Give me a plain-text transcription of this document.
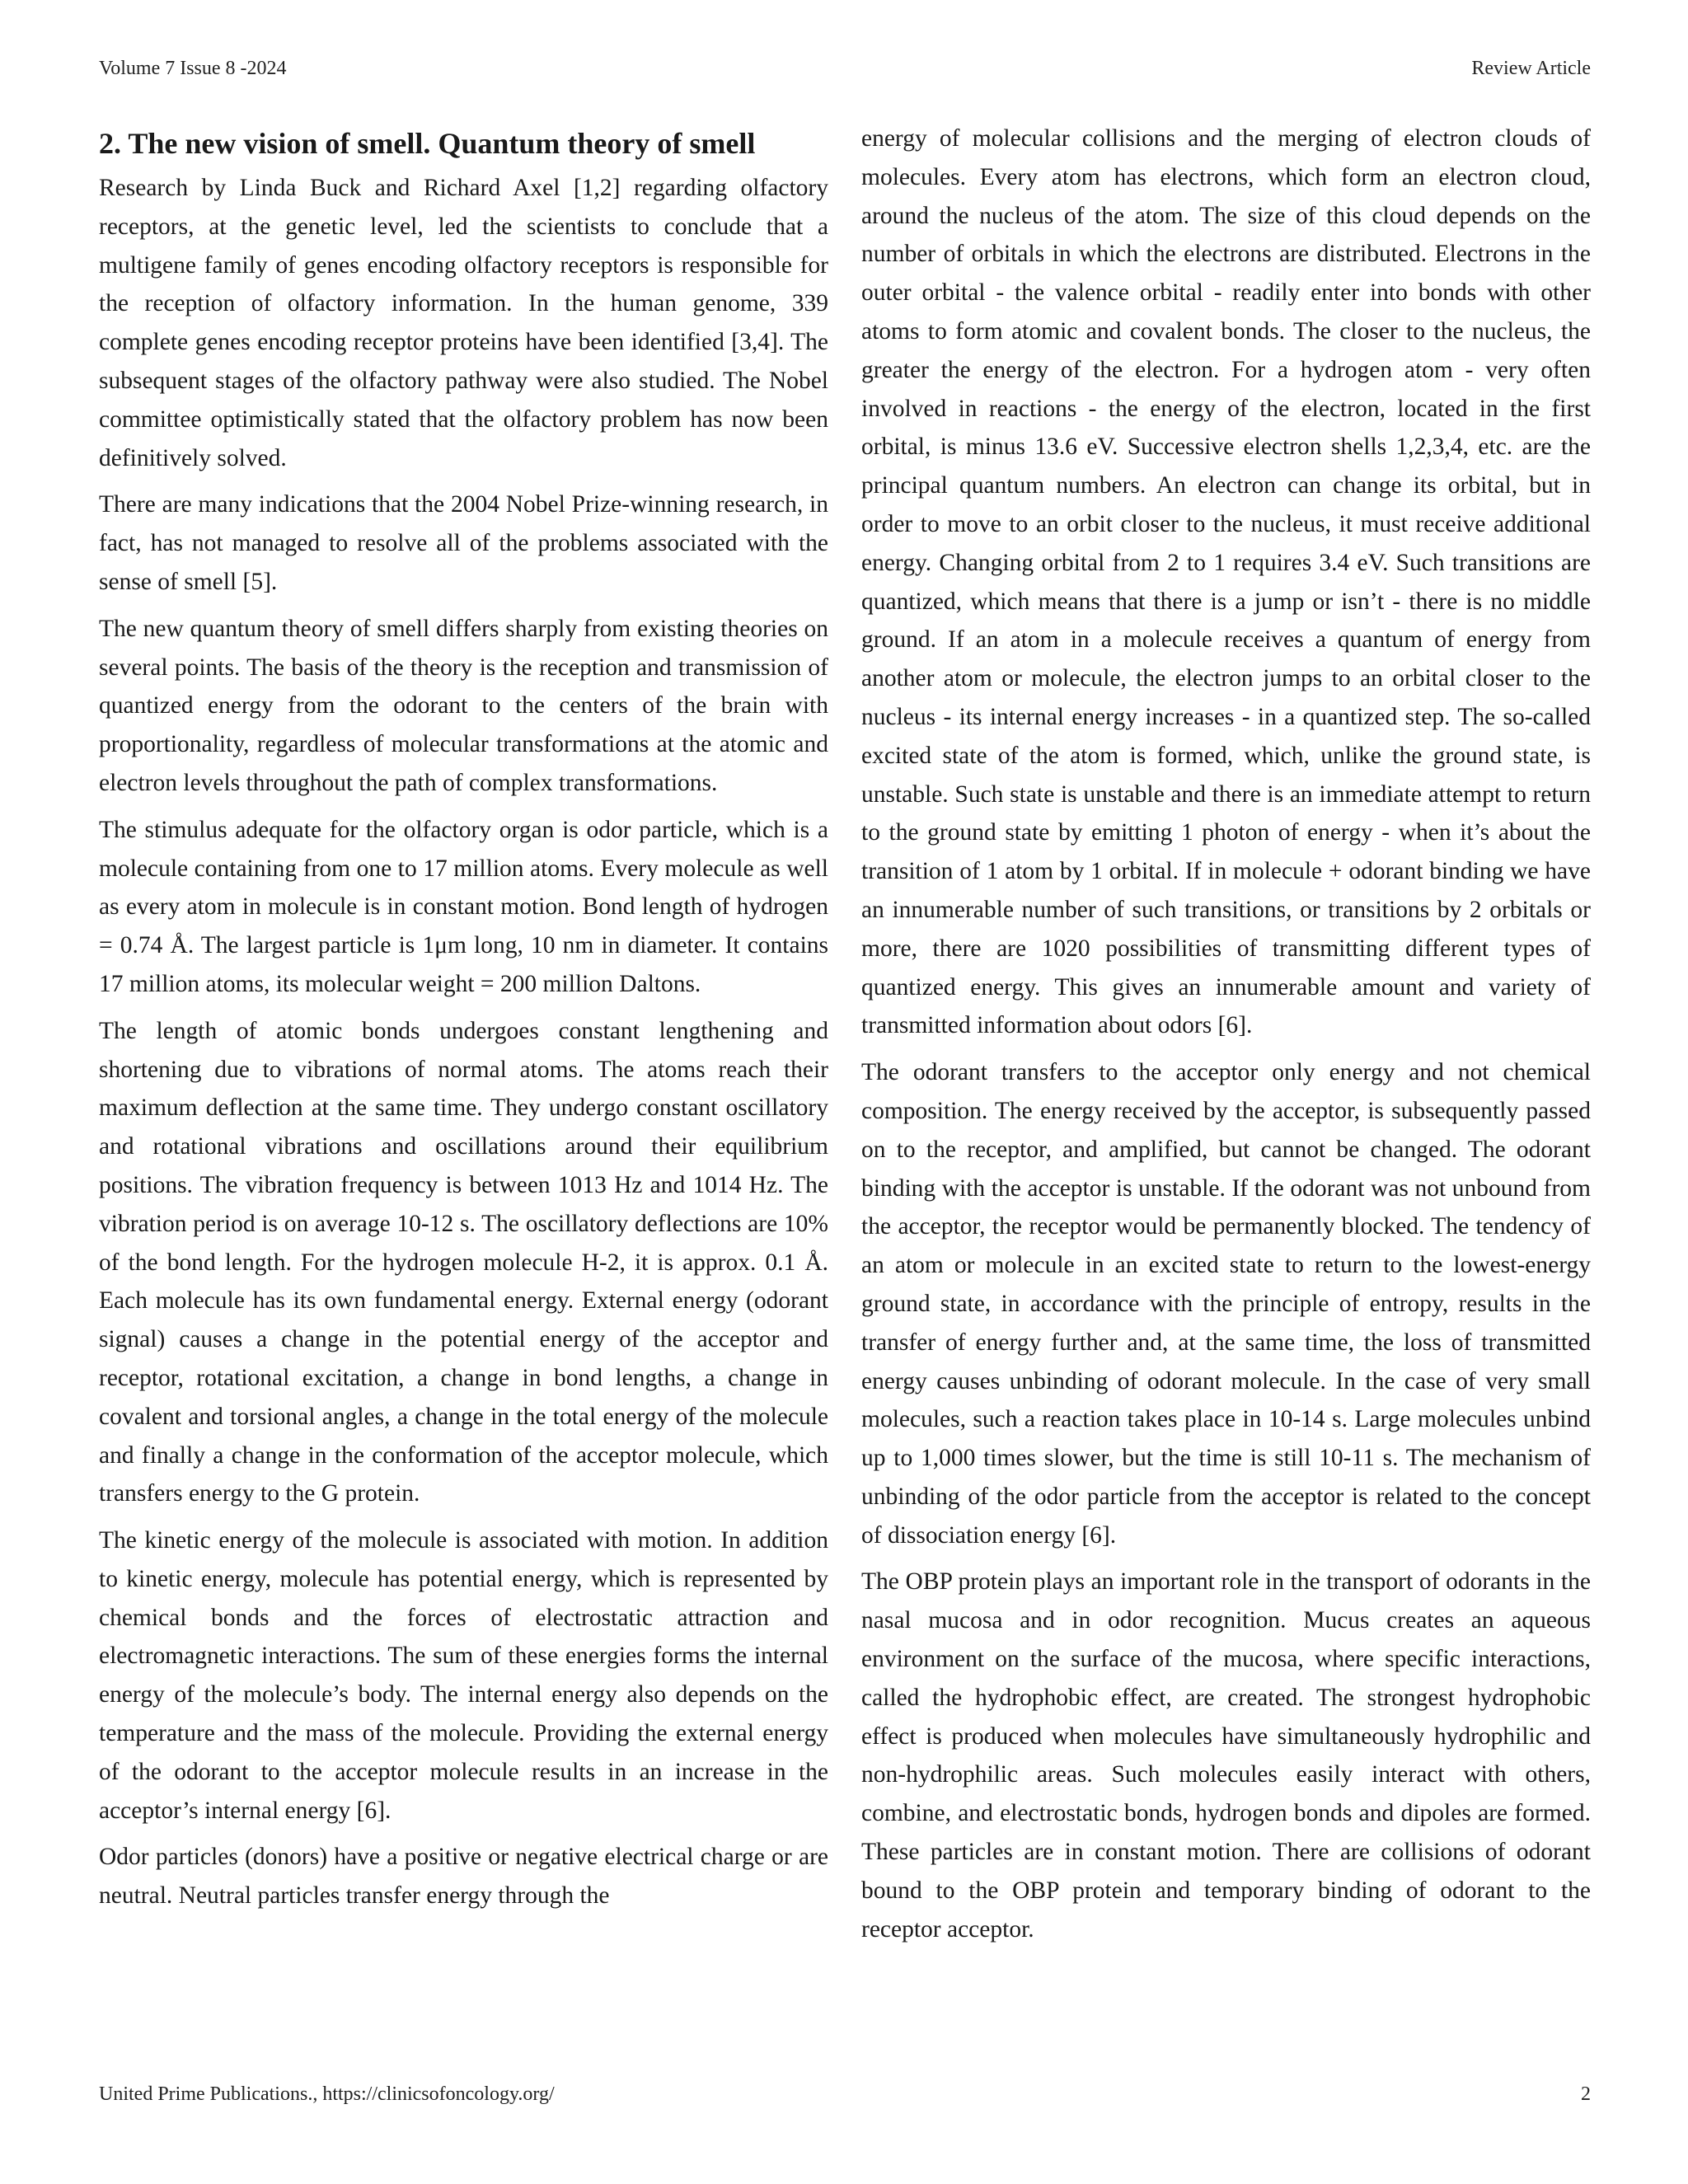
Volume 7 Issue 8 -2024	Review Article
2. The new vision of smell. Quantum theory of smell

Research by Linda Buck and Richard Axel [1,2] regarding olfactory receptors, at the genetic level, led the scientists to conclude that a multigene family of genes encoding olfactory receptors is responsible for the reception of olfactory information. In the human genome, 339 complete genes encoding receptor proteins have been identified [3,4]. The subsequent stages of the olfactory pathway were also studied. The Nobel committee optimistically stated that the olfactory problem has now been definitively solved.

There are many indications that the 2004 Nobel Prize-winning research, in fact, has not managed to resolve all of the problems associated with the sense of smell [5].

The new quantum theory of smell differs sharply from existing theories on several points. The basis of the theory is the reception and transmission of quantized energy from the odorant to the centers of the brain with proportionality, regardless of molecular transformations at the atomic and electron levels throughout the path of complex transformations.

The stimulus adequate for the olfactory organ is odor particle, which is a molecule containing from one to 17 million atoms. Every molecule as well as every atom in molecule is in constant motion. Bond length of hydrogen = 0.74 Å. The largest particle is 1μm long, 10 nm in diameter. It contains 17 million atoms, its molecular weight = 200 million Daltons.

The length of atomic bonds undergoes constant lengthening and shortening due to vibrations of normal atoms. The atoms reach their maximum deflection at the same time. They undergo constant oscillatory and rotational vibrations and oscillations around their equilibrium positions. The vibration frequency is between 1013 Hz and 1014 Hz. The vibration period is on average 10-12 s. The oscillatory deflections are 10% of the bond length. For the hydrogen molecule H-2, it is approx. 0.1 Å. Each molecule has its own fundamental energy. External energy (odorant signal) causes a change in the potential energy of the acceptor and receptor, rotational excitation, a change in bond lengths, a change in covalent and torsional angles, a change in the total energy of the molecule and finally a change in the conformation of the acceptor molecule, which transfers energy to the G protein.

The kinetic energy of the molecule is associated with motion. In addition to kinetic energy, molecule has potential energy, which is represented by chemical bonds and the forces of electrostatic attraction and electromagnetic interactions. The sum of these energies forms the internal energy of the molecule’s body. The internal energy also depends on the temperature and the mass of the molecule. Providing the external energy of the odorant to the acceptor molecule results in an increase in the acceptor’s internal energy [6].

Odor particles (donors) have a positive or negative electrical charge or are neutral. Neutral particles transfer energy through the

energy of molecular collisions and the merging of electron clouds of molecules. Every atom has electrons, which form an electron cloud, around the nucleus of the atom. The size of this cloud depends on the number of orbitals in which the electrons are distributed. Electrons in the outer orbital - the valence orbital - readily enter into bonds with other atoms to form atomic and covalent bonds. The closer to the nucleus, the greater the energy of the electron. For a hydrogen atom - very often involved in reactions - the energy of the electron, located in the first orbital, is minus 13.6 eV. Successive electron shells 1,2,3,4, etc. are the principal quantum numbers. An electron can change its orbital, but in order to move to an orbit closer to the nucleus, it must receive additional energy. Changing orbital from 2 to 1 requires 3.4 eV. Such transitions are quantized, which means that there is a jump or isn’t - there is no middle ground. If an atom in a molecule receives a quantum of energy from another atom or molecule, the electron jumps to an orbital closer to the nucleus - its internal energy increases - in a quantized step. The so-called excited state of the atom is formed, which, unlike the ground state, is unstable. Such state is unstable and there is an immediate attempt to return to the ground state by emitting 1 photon of energy - when it’s about the transition of 1 atom by 1 orbital. If in molecule + odorant binding we have an innumerable number of such transitions, or transitions by 2 orbitals or more, there are 1020 possibilities of transmitting different types of quantized energy. This gives an innumerable amount and variety of transmitted information about odors [6].

The odorant transfers to the acceptor only energy and not chemical composition. The energy received by the acceptor, is subsequently passed on to the receptor, and amplified, but cannot be changed. The odorant binding with the acceptor is unstable. If the odorant was not unbound from the acceptor, the receptor would be permanently blocked. The tendency of an atom or molecule in an excited state to return to the lowest-energy ground state, in accordance with the principle of entropy, results in the transfer of energy further and, at the same time, the loss of transmitted energy causes unbinding of odorant molecule. In the case of very small molecules, such a reaction takes place in 10-14 s. Large molecules unbind up to 1,000 times slower, but the time is still 10-11 s. The mechanism of unbinding of the odor particle from the acceptor is related to the concept of dissociation energy [6].

The OBP protein plays an important role in the transport of odorants in the nasal mucosa and in odor recognition. Mucus creates an aqueous environment on the surface of the mucosa, where specific interactions, called the hydrophobic effect, are created. The strongest hydrophobic effect is produced when molecules have simultaneously hydrophilic and non-hydrophilic areas. Such molecules easily interact with others, combine, and electrostatic bonds, hydrogen bonds and dipoles are formed. These particles are in constant motion. There are collisions of odorant bound to the OBP protein and temporary binding of odorant to the receptor acceptor.

United Prime Publications., https://clinicsofoncology.org/	2
